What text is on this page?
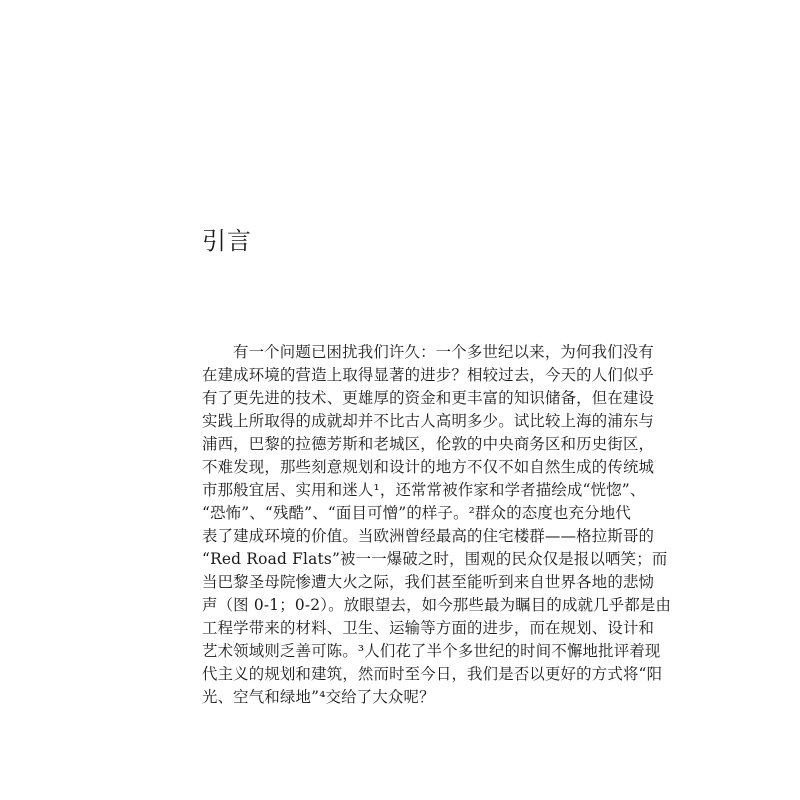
引言
有一个问题已困扰我们许久：一个多世纪以来，为何我们没有
在建成环境的营造上取得显著的进步？相较过去，今天的人们似乎
有了更先进的技术、更雄厚的资金和更丰富的知识储备，但在建设
实践上所取得的成就却并不比古人高明多少。试比较上海的浦东与
浦西，巴黎的拉德芳斯和老城区，伦敦的中央商务区和历史街区，
不难发现，那些刻意规划和设计的地方不仅不如自然生成的传统城
市那般宜居、实用和迷人¹，还常常被作家和学者描绘成“恍惚”、
“恐怖”、“残酷”、“面目可憎”的样子。²群众的态度也充分地代
表了建成环境的价值。当欧洲曾经最高的住宅楼群——格拉斯哥的
“Red Road Flats”被一一爆破之时，围观的民众仅是报以哂笑；而
当巴黎圣母院惨遭大火之际，我们甚至能听到来自世界各地的悲恸
声（图 0-1；0-2）。放眼望去，如今那些最为瞩目的成就几乎都是由
工程学带来的材料、卫生、运输等方面的进步，而在规划、设计和
艺术领域则乏善可陈。³人们花了半个多世纪的时间不懈地批评着现
代主义的规划和建筑，然而时至今日，我们是否以更好的方式将“阳
光、空气和绿地”⁴交给了大众呢？
